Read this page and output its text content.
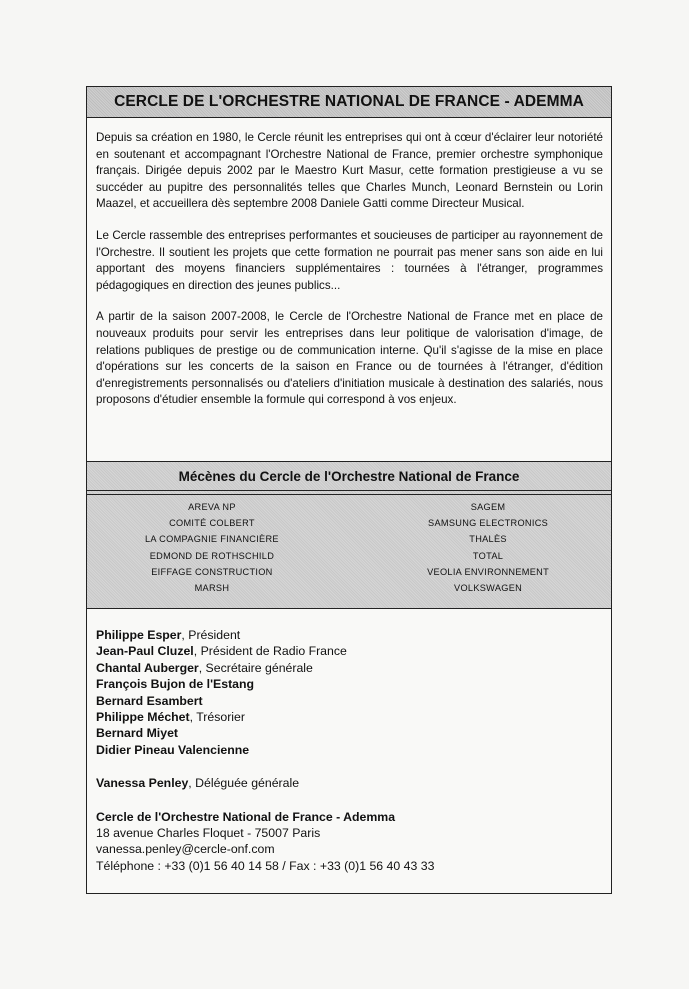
CERCLE DE L'ORCHESTRE NATIONAL DE FRANCE - ADEMMA

Depuis sa création en 1980, le Cercle réunit les entreprises qui ont à cœur d'éclairer leur notoriété en soutenant et accompagnant l'Orchestre National de France, premier orchestre symphonique français. Dirigée depuis 2002 par le Maestro Kurt Masur, cette formation prestigieuse a vu se succéder au pupitre des personnalités telles que Charles Munch, Leonard Bernstein ou Lorin Maazel, et accueillera dès septembre 2008 Daniele Gatti comme Directeur Musical.

Le Cercle rassemble des entreprises performantes et soucieuses de participer au rayonnement de l'Orchestre. Il soutient les projets que cette formation ne pourrait pas mener sans son aide en lui apportant des moyens financiers supplémentaires : tournées à l'étranger, programmes pédagogiques en direction des jeunes publics...

A partir de la saison 2007-2008, le Cercle de l'Orchestre National de France met en place de nouveaux produits pour servir les entreprises dans leur politique de valorisation d'image, de relations publiques de prestige ou de communication interne. Qu'il s'agisse de la mise en place d'opérations sur les concerts de la saison en France ou de tournées à l'étranger, d'édition d'enregistrements personnalisés ou d'ateliers d'initiation musicale à destination des salariés, nous proposons d'étudier ensemble la formule qui correspond à vos enjeux.

Mécènes du Cercle de l'Orchestre National de France
AREVA NP
COMITÉ COLBERT
LA COMPAGNIE FINANCIÈRE
EDMOND DE ROTHSCHILD
EIFFAGE CONSTRUCTION
MARSH
SAGEM
SAMSUNG ELECTRONICS
THALÈS
TOTAL
VEOLIA ENVIRONNEMENT
VOLKSWAGEN
Philippe Esper, Président
Jean-Paul Cluzel, Président de Radio France
Chantal Auberger, Secrétaire générale
François Bujon de l'Estang
Bernard Esambert
Philippe Méchet, Trésorier
Bernard Miyet
Didier Pineau Valencienne
Vanessa Penley, Déléguée générale
Cercle de l'Orchestre National de France - Ademma
18 avenue Charles Floquet - 75007 Paris
vanessa.penley@cercle-onf.com
Téléphone : +33 (0)1 56 40 14 58 / Fax : +33 (0)1 56 40 43 33
